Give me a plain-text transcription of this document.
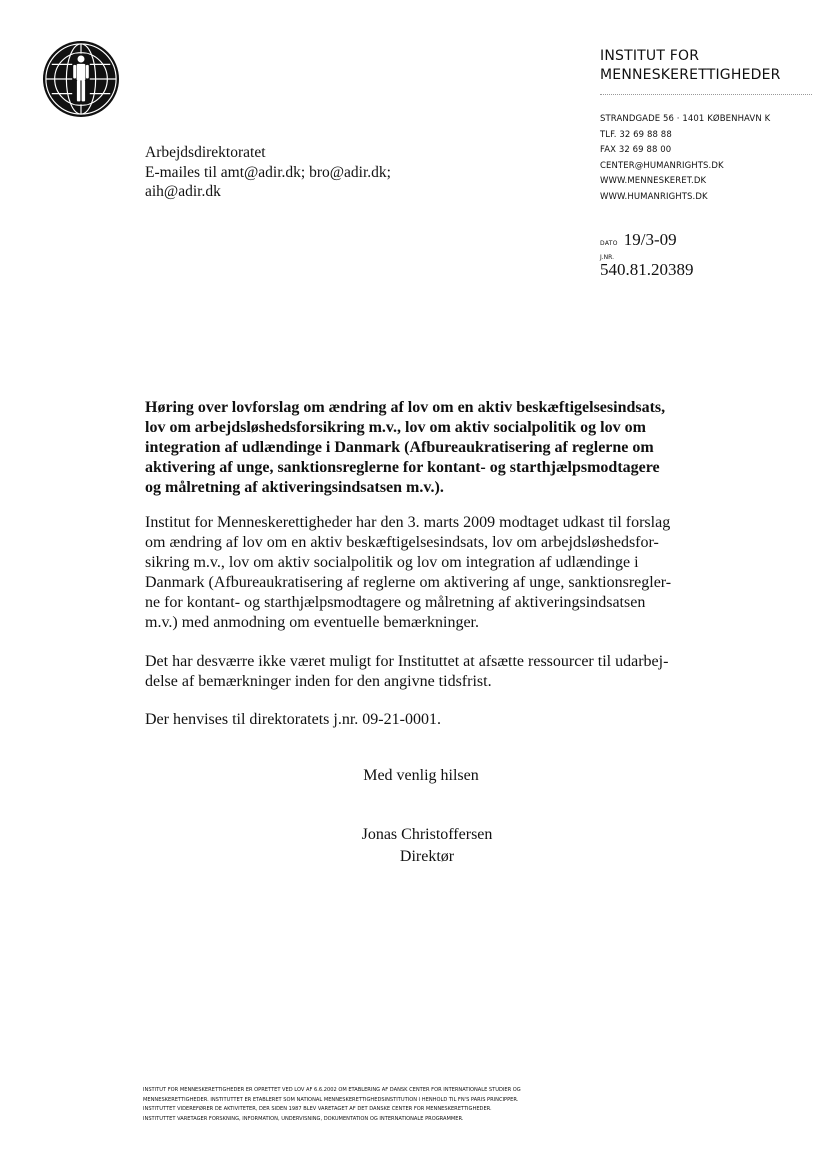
INSTITUT FOR
MENNESKERETTIGHEDER
STRANDGADE 56 · 1401 KØBENHAVN K
TLF. 32 69 88 88
FAX 32 69 88 00
CENTER@HUMANRIGHTS.DK
WWW.MENNESKERET.DK
WWW.HUMANRIGHTS.DK
DATO 19/3-09
J.NR.
540.81.20389
Arbejdsdirektoratet
E-mailes til amt@adir.dk; bro@adir.dk;
aih@adir.dk
Høring over lovforslag om ændring af lov om en aktiv beskæftigelsesindsats,
lov om arbejdsløshedsforsikring m.v., lov om aktiv socialpolitik og lov om
integration af udlændinge i Danmark (Afbureaukratisering af reglerne om
aktivering af unge, sanktionsreglerne for kontant- og starthjælpsmodtagere
og målretning af aktiveringsindsatsen m.v.).
Institut for Menneskerettigheder har den 3. marts 2009 modtaget udkast til forslag
om ændring af lov om en aktiv beskæftigelsesindsats, lov om arbejdsløshedsfor-
sikring m.v., lov om aktiv socialpolitik og lov om integration af udlændinge i
Danmark (Afbureaukratisering af reglerne om aktivering af unge, sanktionsregler-
ne for kontant- og starthjælpsmodtagere og målretning af aktiveringsindsatsen
m.v.) med anmodning om eventuelle bemærkninger.
Det har desværre ikke været muligt for Instituttet at afsætte ressourcer til udarbej-
delse af bemærkninger inden for den angivne tidsfrist.
Der henvises til direktoratets j.nr. 09-21-0001.
Med venlig hilsen
Jonas Christoffersen
Direktør
INSTITUT FOR MENNESKERETTIGHEDER ER OPRETTET VED LOV AF 6.6.2002 OM ETABLERING AF DANSK CENTER FOR INTERNATIONALE STUDIER OG
MENNESKERETTIGHEDER. INSTITUTTET ER ETABLERET SOM NATIONAL MENNESKERETTIGHEDSINSTITUTION I HENHOLD TIL FN'S PARIS PRINCIPPER.
INSTITUTTET VIDEREFØRER DE AKTIVITETER, DER SIDEN 1987 BLEV VARETAGET AF DET DANSKE CENTER FOR MENNESKERETTIGHEDER.
INSTITUTTET VARETAGER FORSKNING, INFORMATION, UNDERVISNING, DOKUMENTATION OG INTERNATIONALE PROGRAMMER.
